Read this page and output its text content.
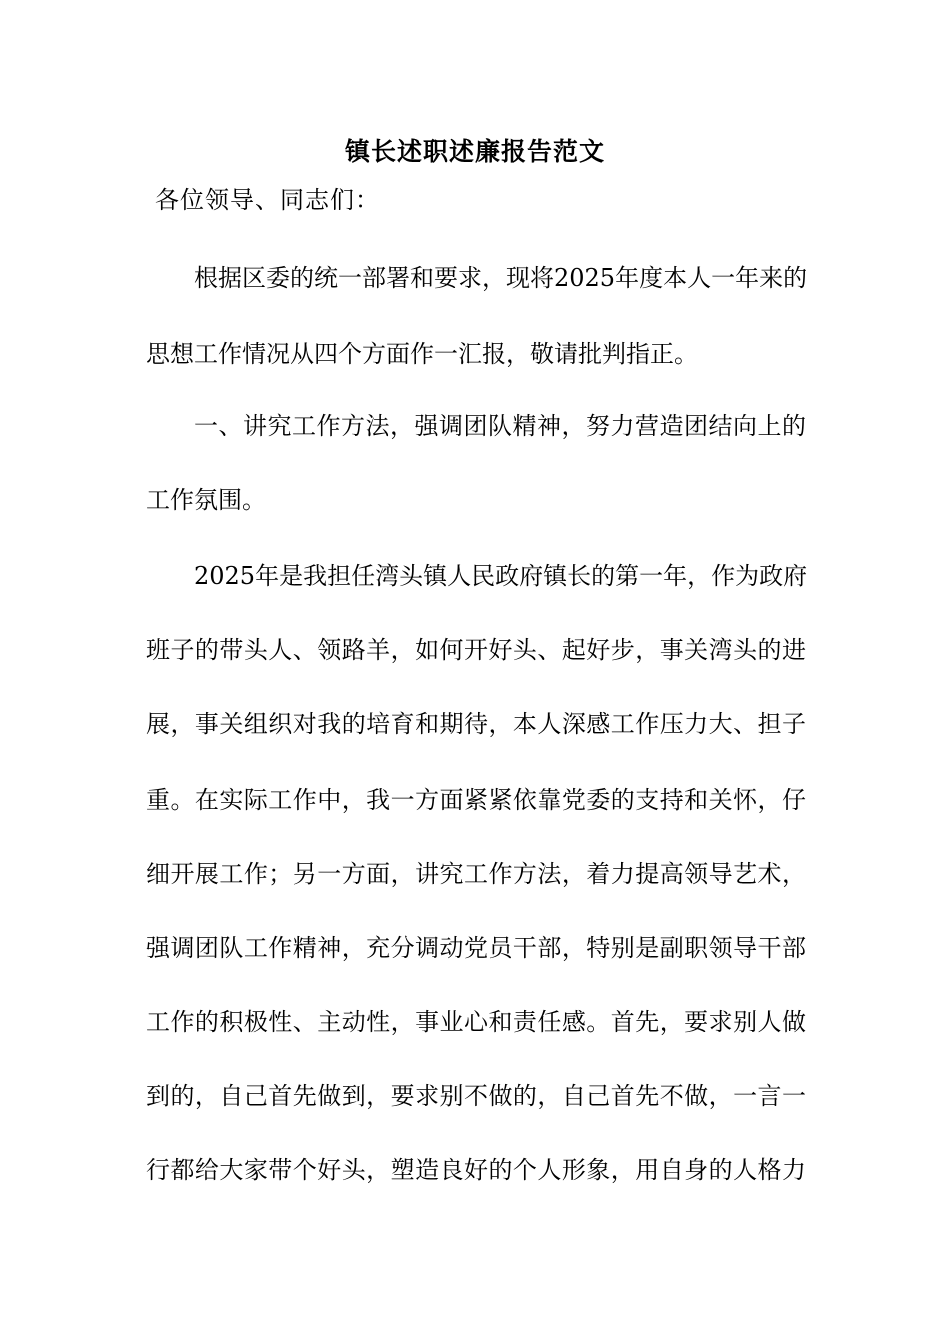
镇长述职述廉报告范文
各位领导、同志们：
根据区委的统一部署和要求，现将2025年度本人一年来的
思想工作情况从四个方面作一汇报，敬请批判指正。
一、讲究工作方法，强调团队精神，努力营造团结向上的
工作氛围。
2025年是我担任湾头镇人民政府镇长的第一年，作为政府
班子的带头人、领路羊，如何开好头、起好步，事关湾头的进
展，事关组织对我的培育和期待，本人深感工作压力大、担子
重。在实际工作中，我一方面紧紧依靠党委的支持和关怀，仔
细开展工作；另一方面，讲究工作方法，着力提高领导艺术，
强调团队工作精神，充分调动党员干部，特别是副职领导干部
工作的积极性、主动性，事业心和责任感。首先，要求别人做
到的，自己首先做到，要求别不做的，自己首先不做，一言一
行都给大家带个好头，塑造良好的个人形象，用自身的人格力
